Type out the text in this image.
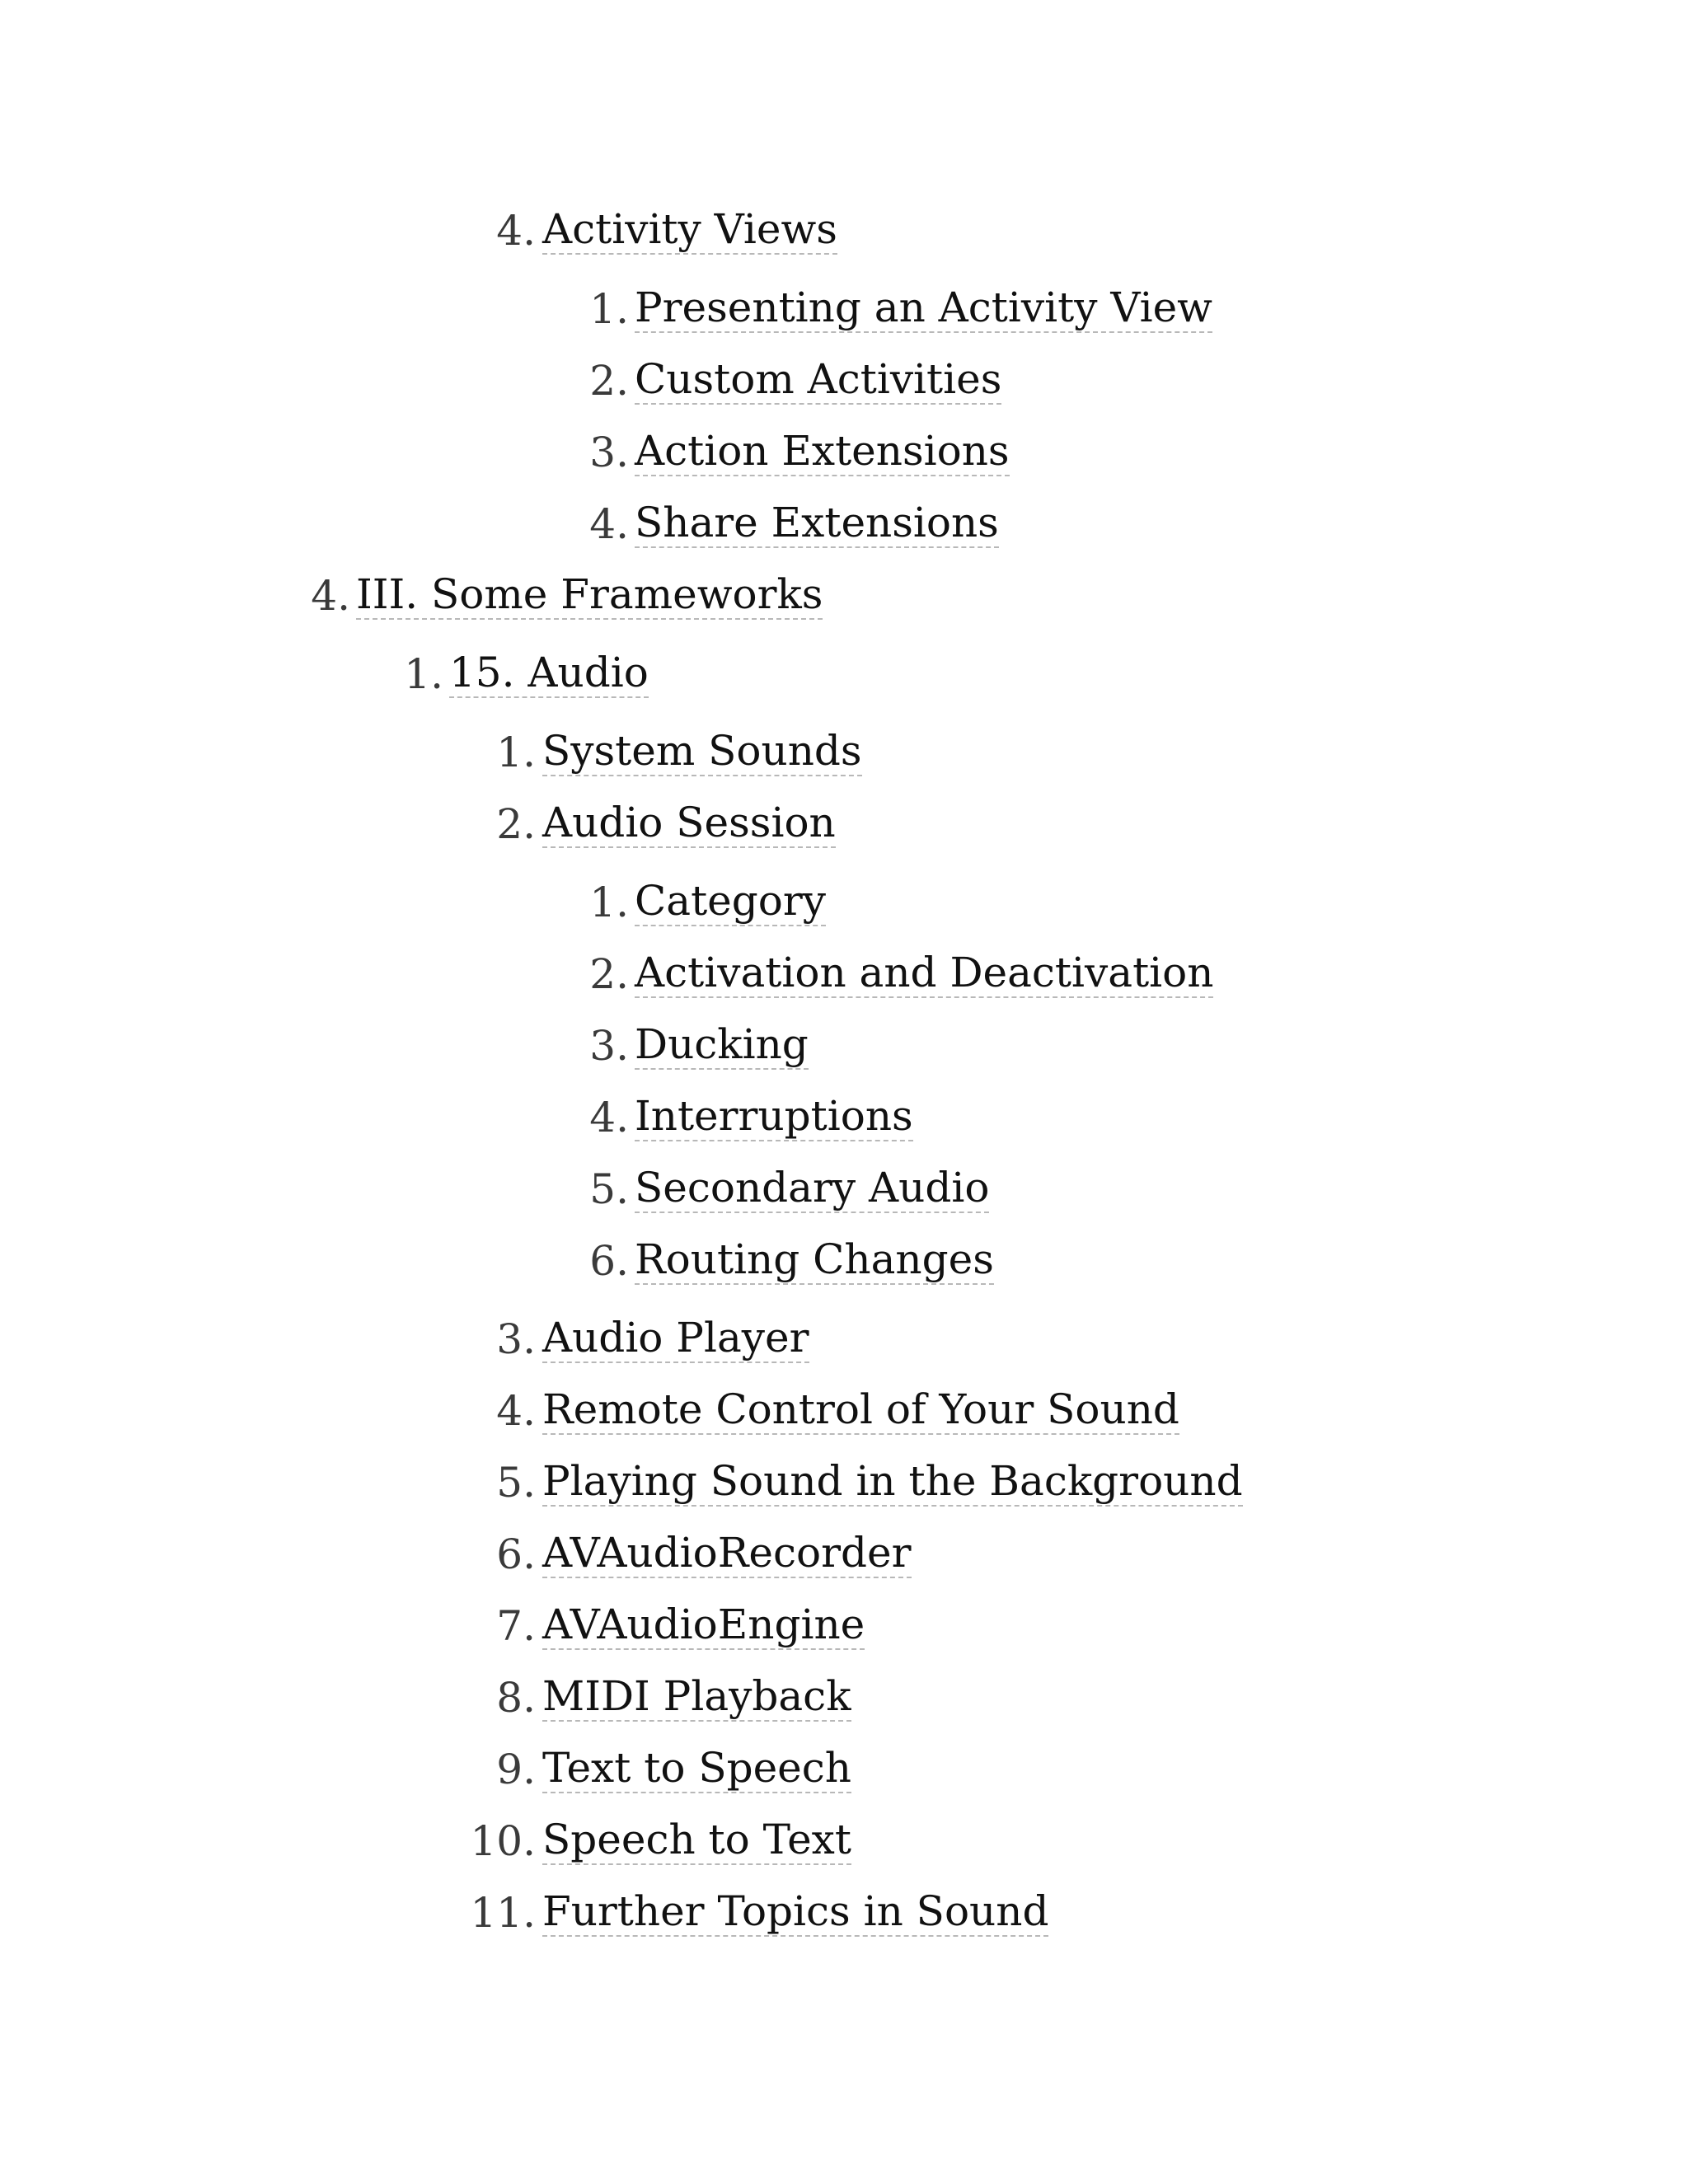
4. Activity Views
1. Presenting an Activity View
2. Custom Activities
3. Action Extensions
4. Share Extensions
4. III. Some Frameworks
1. 15. Audio
1. System Sounds
2. Audio Session
1. Category
2. Activation and Deactivation
3. Ducking
4. Interruptions
5. Secondary Audio
6. Routing Changes
3. Audio Player
4. Remote Control of Your Sound
5. Playing Sound in the Background
6. AVAudioRecorder
7. AVAudioEngine
8. MIDI Playback
9. Text to Speech
10. Speech to Text
11. Further Topics in Sound
